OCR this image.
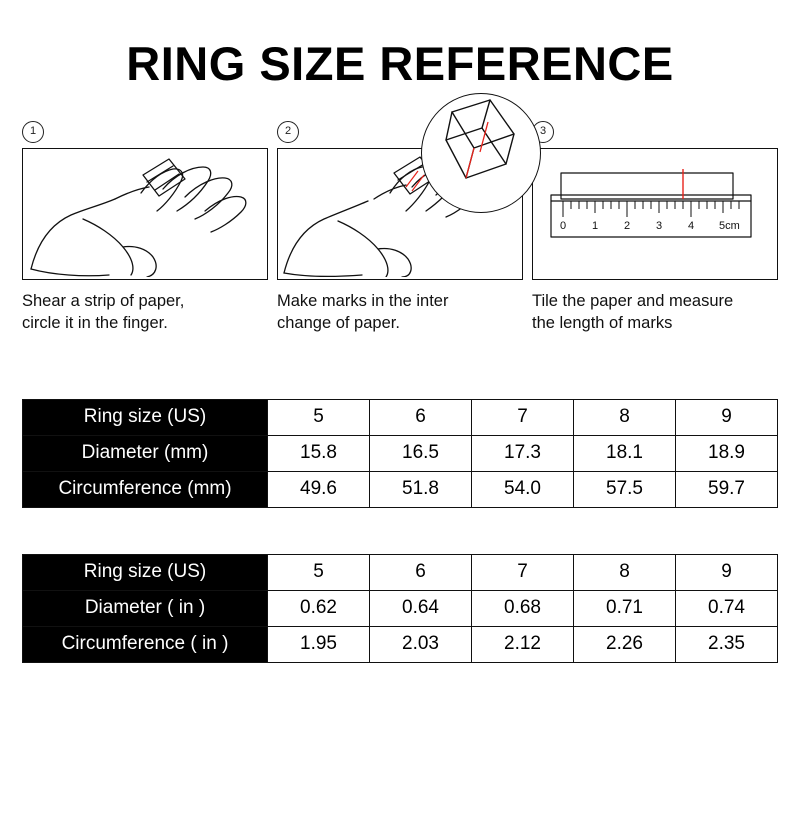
RING SIZE REFERENCE
1
Shear a strip of paper,
circle it in the finger.
2
Make marks in the inter
change of paper.
3
0 1 2 3 4 5cm
Tile the paper and measure
the length of marks
Ring size (US)	5	6	7	8	9
Diameter (mm)	15.8	16.5	17.3	18.1	18.9
Circumference (mm)	49.6	51.8	54.0	57.5	59.7
Ring size (US)	5	6	7	8	9
Diameter ( in )	0.62	0.64	0.68	0.71	0.74
Circumference ( in )	1.95	2.03	2.12	2.26	2.35
